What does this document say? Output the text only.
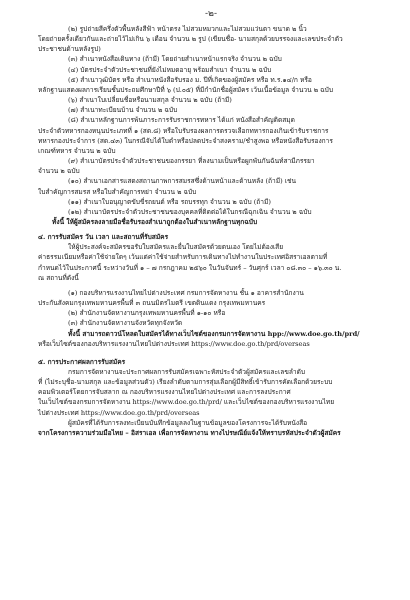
-๒-

(๒) รูปถ่ายสีครึ่งตัวพื้นหลังสีฟ้า หน้าตรง ไม่สวมหมวกและไม่สวมแว่นตา ขนาด ๒ นิ้ว

โดยถ่ายครั้งเดียวกันและถ่ายไว้ไม่เกิน ๖ เดือน จำนวน ๒ รูป (เขียนชื่อ- นามสกุลด้วยบรรจงและเลขประจำตัว

ประชาชนด้านหลังรูป)

(๓) สำเนาหนังสือเดินทาง (ถ้ามี) โดยถ่ายสำเนาหน้าแรกจริง จำนวน ๒ ฉบับ

(๔) บัตรประจำตัวประชาชนที่ยังไม่หมดอายุ พร้อมสำเนา จำนวน ๒ ฉบับ

(๕) สำเนาวุฒิบัตร หรือ สำเนาหนังสือรับรอง ม. ปีที่เกิดของผู้สมัคร หรือ ท.ร.๑๔/ก หรือ

หลักฐานแสดงผลการเรียนชั้นประถมศึกษาปีที่ ๖ (ป.๐๕) ที่มีกำนักชื่อผู้สมัคร เว้นเนื้อข้อมูล จำนวน ๒ ฉบับ

(๖) สำเนาใบเปลี่ยนชื่อหรือนามสกุล จำนวน ๒ ฉบับ (ถ้ามี)

(๗) สำเนาทะเบียนบ้าน จำนวน ๒ ฉบับ

(๘) สำเนาหลักฐานการพ้นภาระการรับราชการทหาร ได้แก่ หนังสือสำคัญติดสมุด

ประจำตัวทหารกองหนุนประเภทที่ ๑ (สด.๘) หรือใบรับรองผลการตรวจเลือกทหารกองเกินเข้ารับราชการ

ทหารกองประจำการ (สด.๔๓) ในกรณีจับได้ใบดำหรือปลดประจำสงคราม/ชำสูงพอ หรือหนังสือรับรองการ

เกณฑ์ทหาร จำนวน ๒ ฉบับ

(๙) สำเนาบัตรประจำตัวประชาชนของกรรยา ที่ลงนามเป็นหรือผูกพันกันฉันท์สามีภรรยา

จำนวน ๒ ฉบับ

(๑๐) สำเนาเอกสารแสดงสถานภาพการสมรสซึ่งด้านหน้าและด้านหลัง (ถ้ามี) เช่น

ใบสำคัญการสมรส หรือใบสำคัญการหย่า จำนวน ๒ ฉบับ

(๑๑) สำเนาใบอนุญาตขับขี่รถยนต์ หรือ รถบรรทุก จำนวน ๒ ฉบับ (ถ้ามี)

(๑๒) สำเนาบัตรประจำตัวประชาชนของบุคคลที่ติดต่อได้ในกรณีฉุกเฉิน จำนวน ๒ ฉบับ

ทั้งนี้ ให้ผู้สมัครลงลายมือชื่อรับรองสำเนาถูกต้องในสำเนาหลักฐานทุกฉบับ

๔. การรับสมัคร วัน เวลา และสถานที่รับสมัคร

ให้ผู้ประสงค์จะสมัครขอรับใบสมัครและยื่นใบสมัครด้วยตนเอง โดยไม่ต้องเสีย

ค่าธรรมเนียมหรือค่าใช้จ่ายใดๆ เว้นแต่ค่าใช้จ่ายสำหรับการเดินทางไปทำงานในประเทศอิสราเอลตามที่

กำหนดไว้ในประกาศนี้ ระหว่างวันที่ ๑ – ๗ กรกฎาคม ๒๕๖๐ ในวันจันทร์ – วันศุกร์ เวลา ๐๘.๓๐ – ๑๖.๓๐ น.

ณ สถานที่ดังนี้

(๑) กองบริหารแรงงานไทยไปต่างประเทศ กรมการจัดหางาน ชั้น ๑ อาคารสำนักงาน

ประกันสังคมกรุงเทพมหานครพื้นที่ ๓ ถนนมิตรไมตรี เขตดินแดง กรุงเทพมหานคร

(๒) สำนักงานจัดหางานกรุงเทพมหานครพื้นที่ ๑-๑๐ หรือ

(๓) สำนักงานจัดหางานจังหวัดทุกจังหวัด

ทั้งนี้ สามารถดาวน์โหลดใบสมัครได้ทางเว็บไซต์ของกรมการจัดหางาน hpp://www.doe.go.th/prd/

หรือเว็บไซต์ของกองบริหารแรงงานไทยไปต่างประเทศ https://www.doe.go.th/prd/overseas

๕. การประกาศผลการรับสมัคร

กรมการจัดหางานจะประกาศผลการรับสมัครเฉพาะหัสประจำตัวผู้สมัครและเลขลำดับ

ที่ (ไม่ระบุชื่อ-นามสกุล และข้อมูลส่วนตัว) เรียงลำดับตามการสุ่มเลือกผู้มีสิทธิ์เข้ารับการคัดเลือกด้วยระบบ

คอมพิวเตอร์โดยการจับสลาก ณ กองบริหารแรงงานไทยไปต่างประเทศ และการลงประกาศ

ในเว็บไซต์ของกรมการจัดหางาน https://www.doe.go.th/prd/ และเว็บไซต์ของกองบริหารแรงงานไทย

ไปต่างประเทศ https://www.doe.go.th/prd/overseas

ผู้สมัครที่ได้รับการลงทะเบียนบันทึกข้อมูลลงในฐานข้อมูลของโครงการจะได้รับหนังสือ

จากโครงการความร่วมมือไทย – อิสราเอล เพื่อการจัดหางาน ทางไปรษณีย์แจ้งให้ทราบรหัสประจำตัวผู้สมัคร
